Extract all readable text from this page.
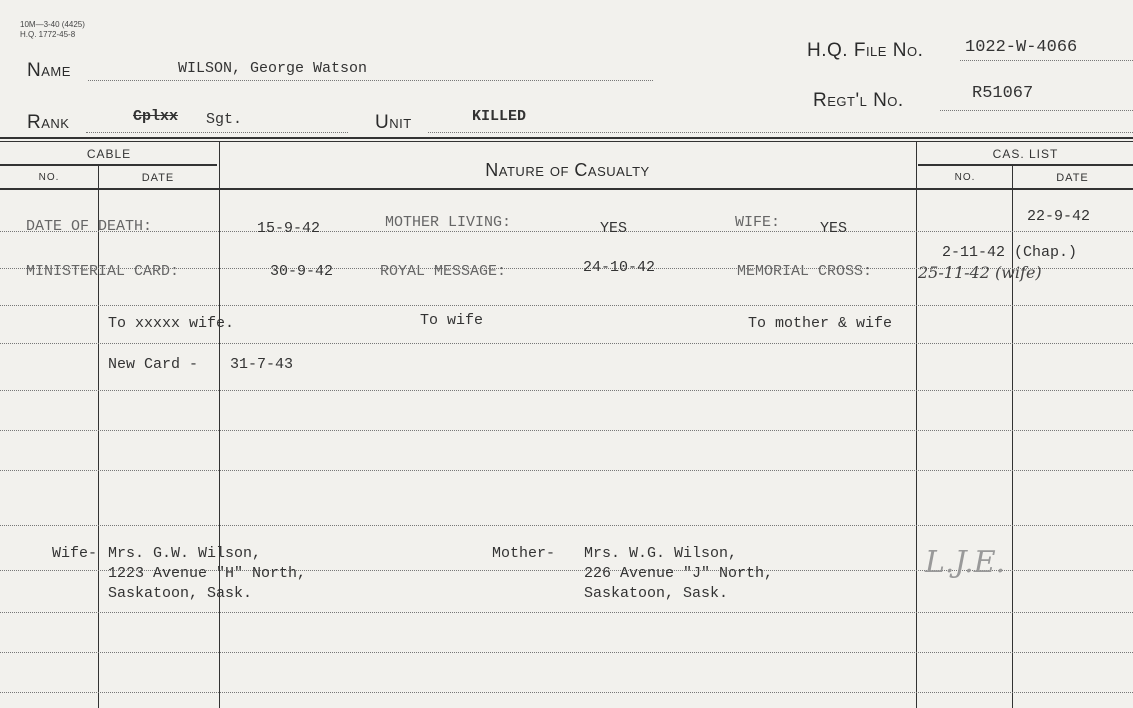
10M—3-40 (4425)
H.Q. 1772-45-8
Name	WILSON, George Watson
Rank	Cplxx Sgt.	Unit	KILLED
H.Q. File No. 1022-W-4066
Regt'l No.	R51067
CABLE
NO.	DATE	Nature of Casualty
CAS. LIST
NO.	DATE
DATE OF DEATH:	15-9-42	MOTHER LIVING:	YES	WIFE:	YES
22-9-42
MINISTERIAL CARD:	30-9-42	ROYAL MESSAGE:	24-10-42	MEMORIAL CROSS:
2-11-42 (Chap.)
25-11-42 (wife)
To xxxxx wife.	To wife	To mother & wife
New Card - 31-7-43
Wife- Mrs. G.W. Wilson,
1223 Avenue "H" North,
Saskatoon, Sask.
Mother- Mrs. W.G. Wilson,
226 Avenue "J" North,
Saskatoon, Sask.
L.J.E.
